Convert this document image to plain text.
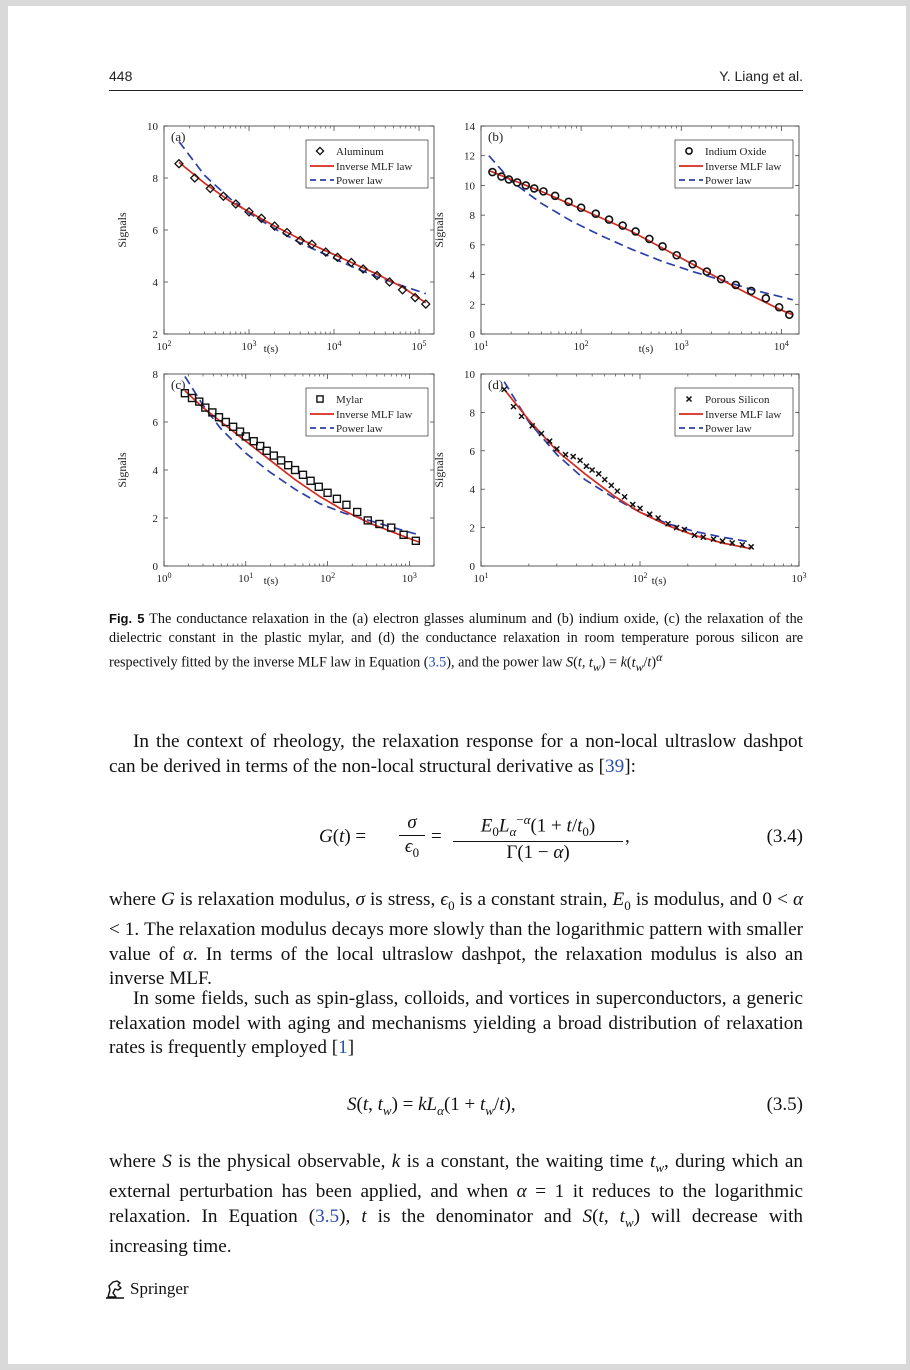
448	Y. Liang et al.
2
4
6
8
10
$10^2$	$10^3$	$10^4$	$10^5$
t(s)
Signals
(a)
Aluminum
Inverse MLF law
Power law
0
2
4
6
8
10
12
14
$10^1$	$10^2$	$10^3$	$10^4$
t(s)
Signals
(b)
Indium Oxide
Inverse MLF law
Power law
0
2
4
6
8
$10^0$	$10^1$	$10^2$	$10^3$
t(s)
Signals
(c)
Mylar
Inverse MLF law
Power law
0
2
4
6
8
10
$10^1$	$10^2$	$10^3$
t(s)
Signals
(d)
Porous Silicon
Inverse MLF law
Power law
Fig. 5 The conductance relaxation in the (a) electron glasses aluminum and (b) indium oxide, (c) the relaxation of the dielectric constant in the plastic mylar, and (d) the conductance relaxation in room temperature porous silicon are respectively fitted by the inverse MLF law in Equation (3.5), and the power law S(t, $t_w) = k(t_w/t)^\alpha$
In the context of rheology, the relaxation response for a non-local ultraslow dashpot can be derived in terms of the non-local structural derivative as [39]:
G(t) =
σ
$\epsilon_0$
=
$E_0L_\alpha^{-\alpha}(1 + t/t_0)$
Γ(1 − α)
,	(3.4)
where G is relaxation modulus, σ is stress, $\epsilon_0$ is a constant strain, $E_0$ is modulus, and 0 < α < 1. The relaxation modulus decays more slowly than the logarithmic pattern with smaller value of α. In terms of the local ultraslow dashpot, the relaxation modulus is also an inverse MLF.
In some fields, such as spin-glass, colloids, and vortices in superconductors, a generic relaxation model with aging and mechanisms yielding a broad distribution of relaxation rates is frequently employed [1]
S(t, $t_w) = kL_\alpha(1 + t_w/t)$,	(3.5)
where S is the physical observable, k is a constant, the waiting time $t_w$, during which an external perturbation has been applied, and when α = 1 it reduces to the logarithmic relaxation. In Equation (3.5), t is the denominator and S(t, $t_w$) will decrease with increasing time.
Springer
